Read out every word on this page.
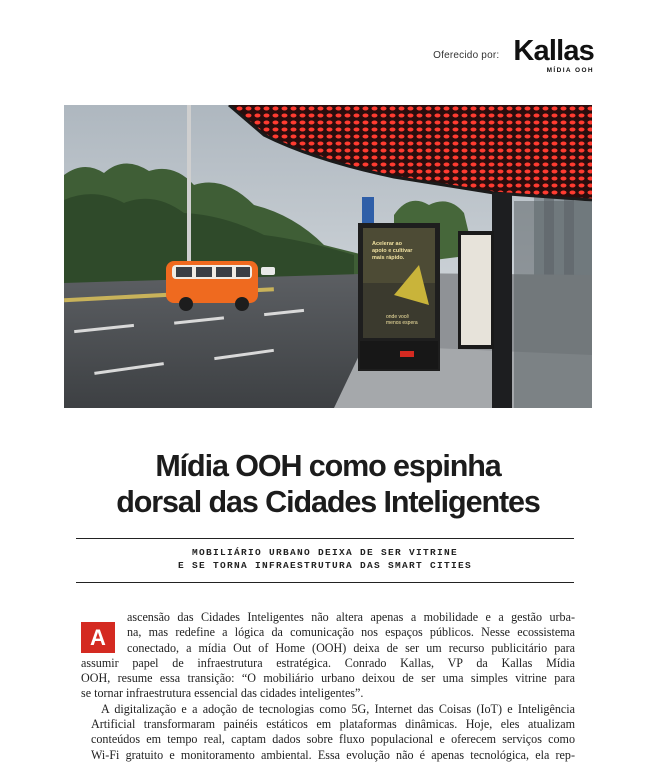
Oferecido por: Kallas
MÍDIA OOH
Acelerar ao
apoio e cultivar
mais rápido.
onde você
menos espera
Mídia OOH como espinha
dorsal das Cidades Inteligentes
MOBILIÁRIO URBANO DEIXA DE SER VITRINE
E SE TORNA INFRAESTRUTURA DAS SMART CITIES
A

ascensão das Cidades Inteligentes não altera apenas a mobilidade e a gestão urba-
na, mas redefine a lógica da comunicação nos espaços públicos. Nesse ecossistema
conectado, a mídia Out of Home (OOH) deixa de ser um recurso publicitário para
assumir papel de infraestrutura estratégica. Conrado Kallas, VP da Kallas Mídia
OOH, resume essa transição: “O mobiliário urbano deixou de ser uma simples vitrine para
se tornar infraestrutura essencial das cidades inteligentes”.

A digitalização e a adoção de tecnologias como 5G, Internet das Coisas (IoT) e Inteligência
Artificial transformaram painéis estáticos em plataformas dinâmicas. Hoje, eles atualizam
conteúdos em tempo real, captam dados sobre fluxo populacional e oferecem serviços como
Wi-Fi gratuito e monitoramento ambiental. Essa evolução não é apenas tecnológica, ela rep-
